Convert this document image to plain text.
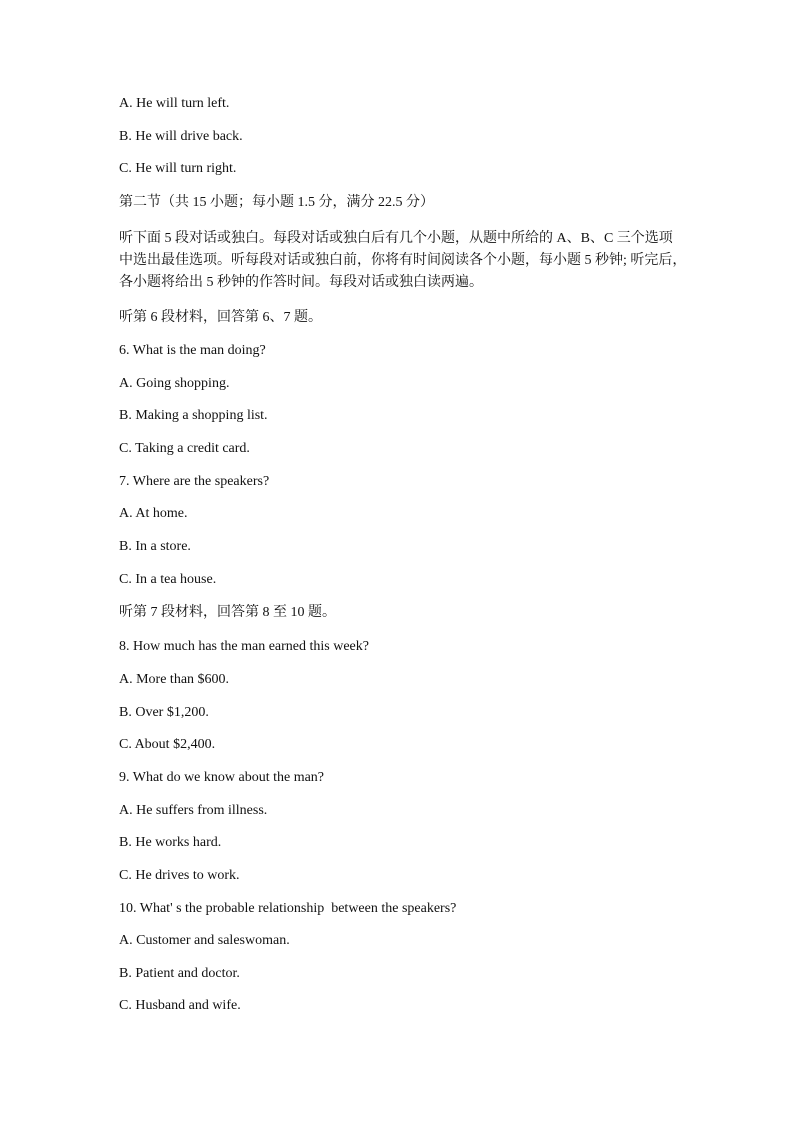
A. He will turn left.
B. He will drive back.
C. He will turn right.
第二节（共 15 小题；每小题 1.5 分，满分 22.5 分）
听下面 5 段对话或独白。每段对话或独白后有几个小题，从题中所给的 A、B、C 三个选项
中选出最佳选项。听每段对话或独白前，你将有时间阅读各个小题，每小题 5 秒钟; 听完后，
各小题将给出 5 秒钟的作答时间。每段对话或独白读两遍。
听第 6 段材料，回答第 6、7 题。
6. What is the man doing?
A. Going shopping.
B. Making a shopping list.
C. Taking a credit card.
7. Where are the speakers?
A. At home.
B. In a store.
C. In a tea house.
听第 7 段材料，回答第 8 至 10 题。
8. How much has the man earned this week?
A. More than $600.
B. Over $1,200.
C. About $2,400.
9. What do we know about the man?
A. He suffers from illness.
B. He works hard.
C. He drives to work.
10. What' s the probable relationship  between the speakers?
A. Customer and saleswoman.
B. Patient and doctor.
C. Husband and wife.
